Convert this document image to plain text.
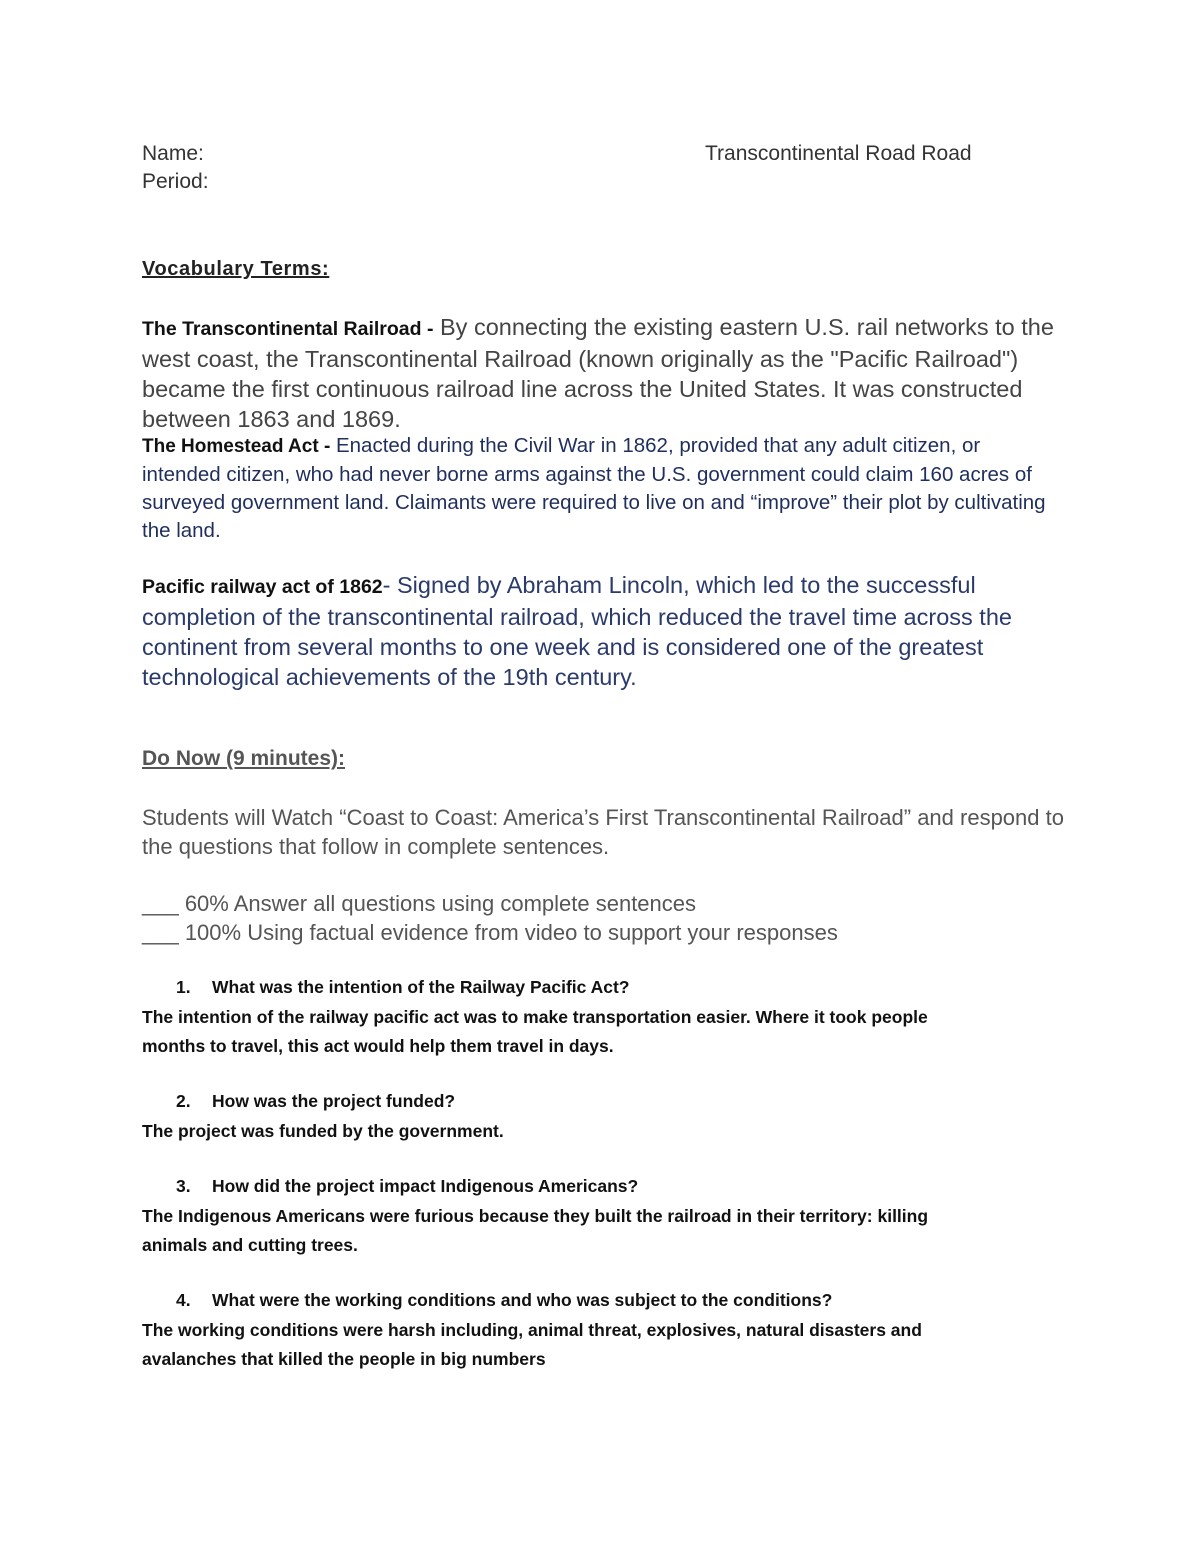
Name:	Transcontinental Road Road
Period:
Vocabulary Terms:
The Transcontinental Railroad - By connecting the existing eastern U.S. rail networks to the west coast, the Transcontinental Railroad (known originally as the "Pacific Railroad") became the first continuous railroad line across the United States. It was constructed between 1863 and 1869.
The Homestead Act - Enacted during the Civil War in 1862, provided that any adult citizen, or intended citizen, who had never borne arms against the U.S. government could claim 160 acres of surveyed government land. Claimants were required to live on and “improve” their plot by cultivating the land.
Pacific railway act of 1862- Signed by Abraham Lincoln, which led to the successful completion of the transcontinental railroad, which reduced the travel time across the continent from several months to one week and is considered one of the greatest technological achievements of the 19th century.
Do Now (9 minutes):
Students will Watch “Coast to Coast: America’s First Transcontinental Railroad” and respond to the questions that follow in complete sentences.
___ 60% Answer all questions using complete sentences
___ 100% Using factual evidence from video to support your responses
1. What was the intention of the Railway Pacific Act?
The intention of the railway pacific act was to make transportation easier. Where it took people
months to travel, this act would help them travel in days.
2. How was the project funded?
The project was funded by the government.
3. How did the project impact Indigenous Americans?
The Indigenous Americans were furious because they built the railroad in their territory: killing
animals and cutting trees.
4. What were the working conditions and who was subject to the conditions?
The working conditions were harsh including, animal threat, explosives, natural disasters and
avalanches that killed the people in big numbers
